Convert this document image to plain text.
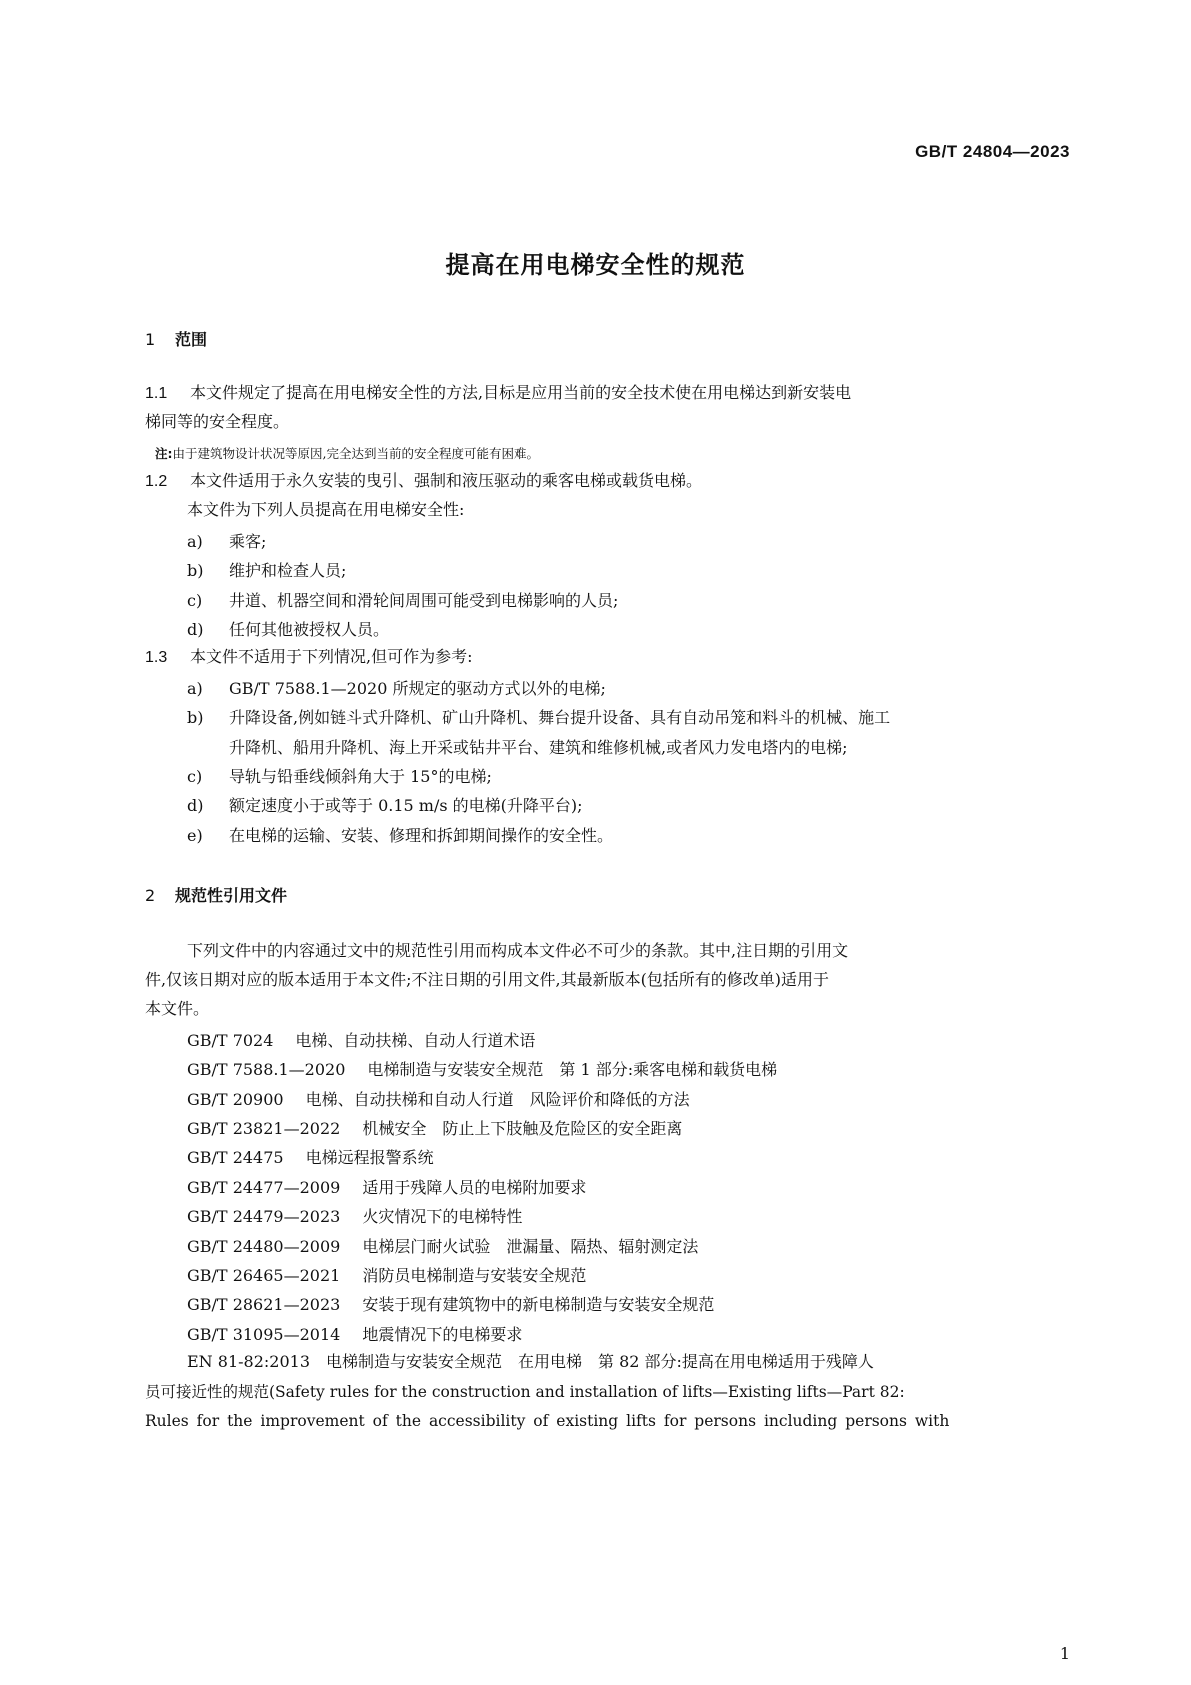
GB/T 24804—2023
提高在用电梯安全性的规范
1 范围
1.1 本文件规定了提高在用电梯安全性的方法,目标是应用当前的安全技术使在用电梯达到新安装电
梯同等的安全程度。
注:由于建筑物设计状况等原因,完全达到当前的安全程度可能有困难。
1.2 本文件适用于永久安装的曳引、强制和液压驱动的乘客电梯或载货电梯。
本文件为下列人员提高在用电梯安全性:
a) 乘客;
b) 维护和检查人员;
c) 井道、机器空间和滑轮间周围可能受到电梯影响的人员;
d) 任何其他被授权人员。
1.3 本文件不适用于下列情况,但可作为参考:
a) GB/T 7588.1—2020 所规定的驱动方式以外的电梯;
b) 升降设备,例如链斗式升降机、矿山升降机、舞台提升设备、具有自动吊笼和料斗的机械、施工
升降机、船用升降机、海上开采或钻井平台、建筑和维修机械,或者风力发电塔内的电梯;
c) 导轨与铅垂线倾斜角大于 15°的电梯;
d) 额定速度小于或等于 0.15 m/s 的电梯(升降平台);
e) 在电梯的运输、安装、修理和拆卸期间操作的安全性。
2 规范性引用文件
下列文件中的内容通过文中的规范性引用而构成本文件必不可少的条款。其中,注日期的引用文
件,仅该日期对应的版本适用于本文件;不注日期的引用文件,其最新版本(包括所有的修改单)适用于
本文件。
GB/T 7024 电梯、自动扶梯、自动人行道术语
GB/T 7588.1—2020 电梯制造与安装安全规范　第 1 部分:乘客电梯和载货电梯
GB/T 20900 电梯、自动扶梯和自动人行道　风险评价和降低的方法
GB/T 23821—2022 机械安全　防止上下肢触及危险区的安全距离
GB/T 24475 电梯远程报警系统
GB/T 24477—2009 适用于残障人员的电梯附加要求
GB/T 24479—2023 火灾情况下的电梯特性
GB/T 24480—2009 电梯层门耐火试验　泄漏量、隔热、辐射测定法
GB/T 26465—2021 消防员电梯制造与安装安全规范
GB/T 28621—2023 安装于现有建筑物中的新电梯制造与安装安全规范
GB/T 31095—2014 地震情况下的电梯要求
EN 81-82:2013　电梯制造与安装安全规范　在用电梯　第 82 部分:提高在用电梯适用于残障人
员可接近性的规范(Safety rules for the construction and installation of lifts—Existing lifts—Part 82:
Rules for the improvement of the accessibility of existing lifts for persons including persons with
1
